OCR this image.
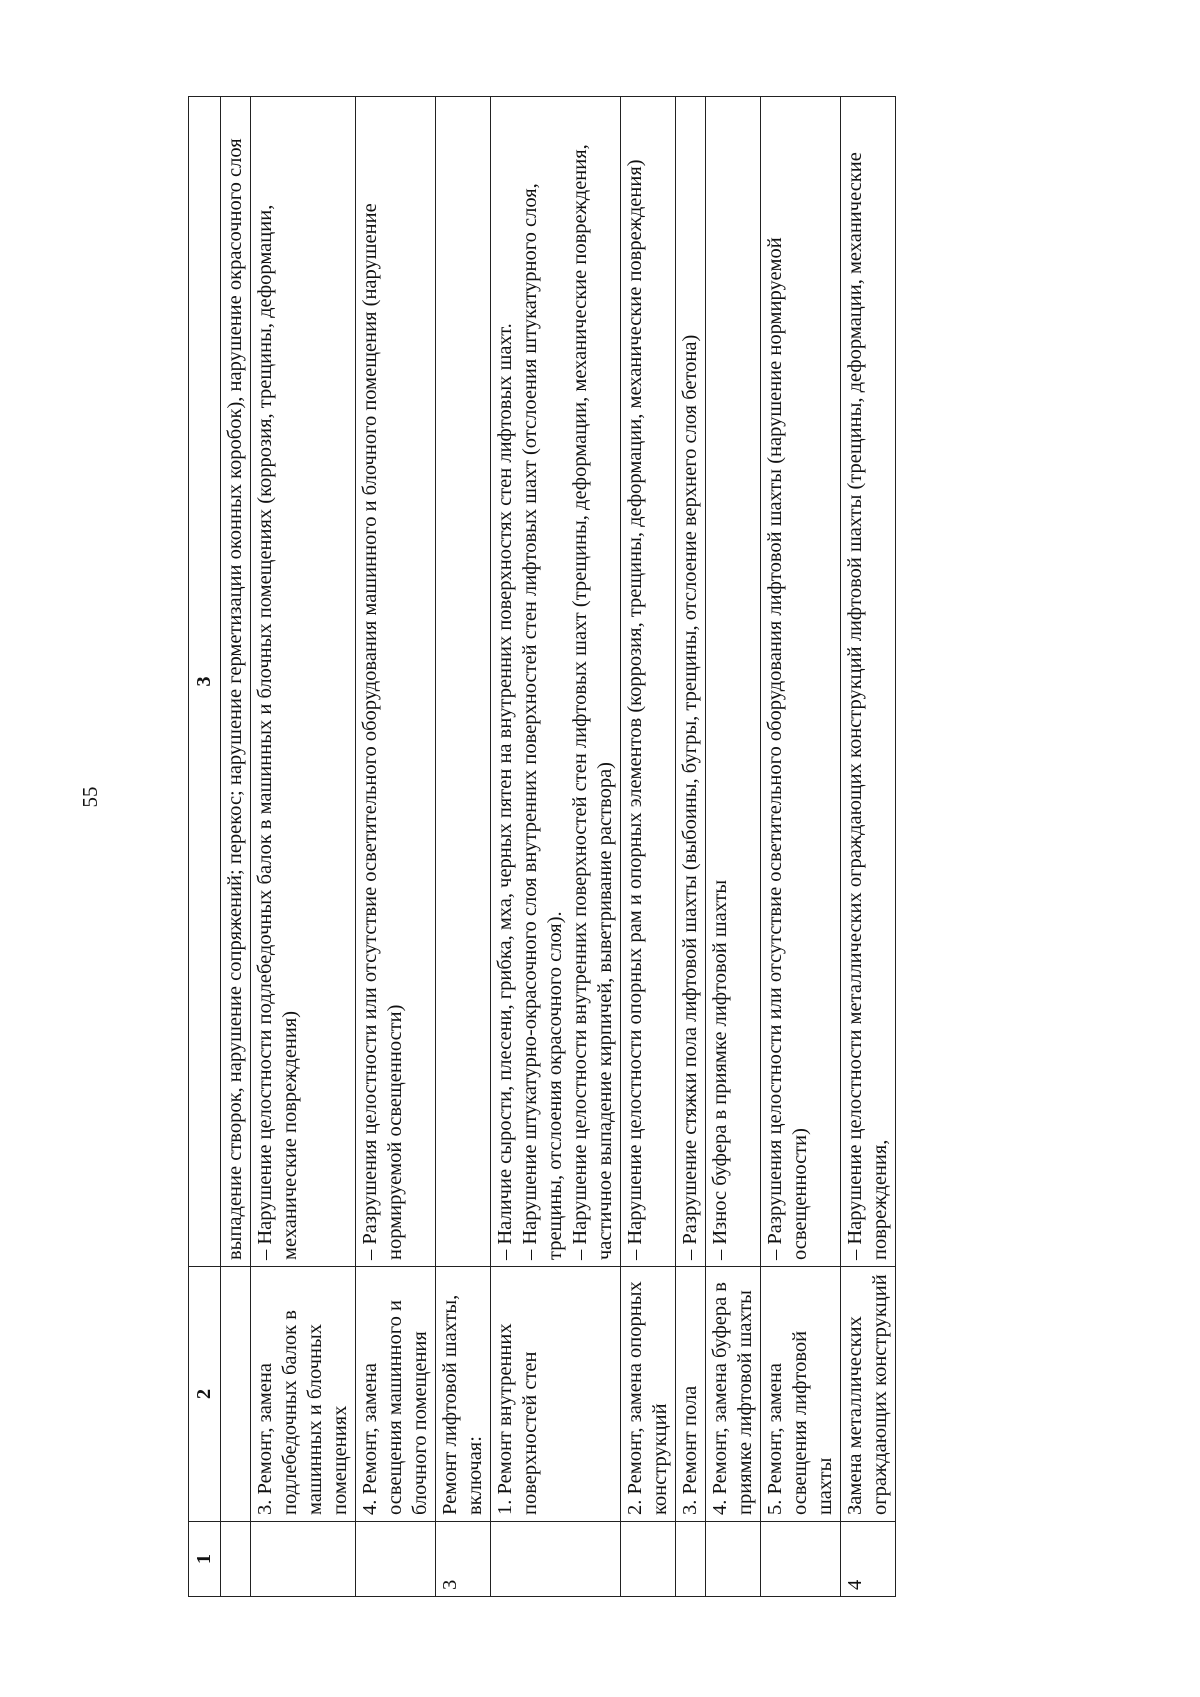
55
1	2	3

		выпадение створок, нарушение сопряжений; перекос; нарушение герметизации оконных коробок), нарушение окрасочного слоя

	3. Ремонт, замена подлебедочных балок в машинных и блочных помещениях	– Нарушение целостности подлебедочных балок в машинных и блочных помещениях (коррозия, трещины, деформации, механические повреждения)

	4. Ремонт, замена освещения машинного и блочного помещения	– Разрушения целостности или отсутствие осветительного оборудования машинного и блочного помещения (нарушение нормируемой освещенности)

3	Ремонт лифтовой шахты, включая:	

	1. Ремонт внутренних поверхностей стен	– Наличие сырости, плесени, грибка, мха, черных пятен на внутренних поверхностях стен лифтовых шахт. – Нарушение штукатурно-окрасочного слоя внутренних поверхностей стен лифтовых шахт (отслоения штукатурного слоя, трещины, отслоения окрасочного слоя). – Нарушение целостности внутренних поверхностей стен лифтовых шахт (трещины, деформации, механические повреждения, частичное выпадение кирпичей, выветривание раствора)

	2. Ремонт, замена опорных конструкций	– Нарушение целостности опорных рам и опорных элементов (коррозия, трещины, деформации, механические повреждения)

	3. Ремонт пола	– Разрушение стяжки пола лифтовой шахты (выбоины, бугры, трещины, отслоение верхнего слоя бетона)

	4. Ремонт, замена буфера в приямке лифтовой шахты	– Износ буфера в приямке лифтовой шахты

	5. Ремонт, замена освещения лифтовой шахты	– Разрушения целостности или отсутствие осветительного оборудования лифтовой шахты (нарушение нормируемой освещенности)

4	Замена металлических ограждающих конструкций	– Нарушение целостности металлических ограждающих конструкций лифтовой шахты (трещины, деформации, механические повреждения,
